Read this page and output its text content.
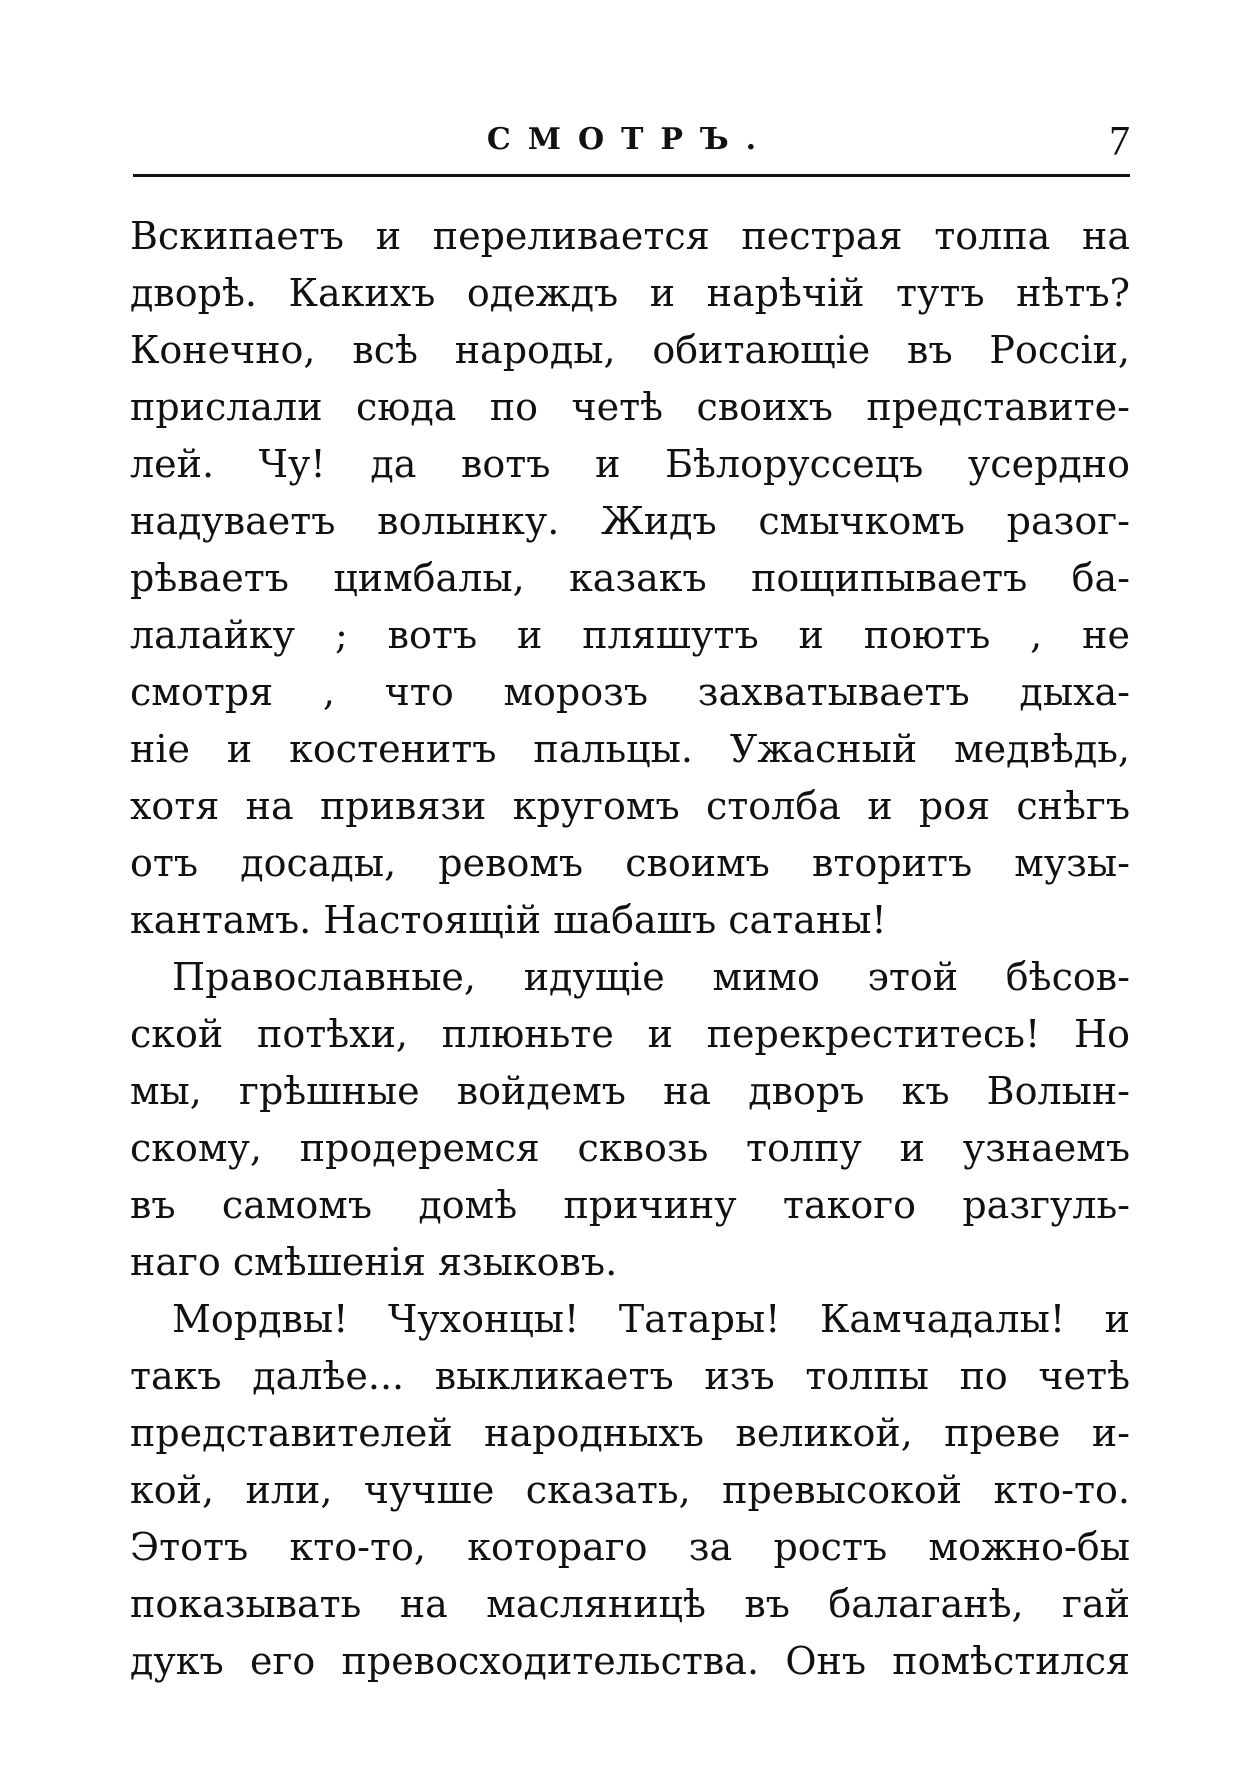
СМОТРЪ.	7
Вскипаетъ и переливается пестрая толпа на
дворѣ. Какихъ одеждъ и нарѣчій тутъ нѣтъ?
Конечно, всѣ народы, обитающіе въ Россіи,
прислали сюда по четѣ своихъ представите-
лей. Чу! да вотъ и Бѣлоруссецъ усердно
надуваетъ волынку. Жидъ смычкомъ разог-
рѣваетъ цимбалы, казакъ пощипываетъ ба-
лалайку ; вотъ и пляшутъ и поютъ , не
смотря , что морозъ захватываетъ дыха-
ніе и костенитъ пальцы. Ужасный медвѣдь,
хотя на привязи кругомъ столба и роя снѣгъ
отъ досады, ревомъ своимъ вторитъ музы-
кантамъ. Настоящій шабашъ сатаны!
Православные, идущіе мимо этой бѣсов-
ской потѣхи, плюньте и перекреститесь! Но
мы, грѣшные войдемъ на дворъ къ Волын-
скому, продеремся сквозь толпу и узнаемъ
въ самомъ домѣ причину такого разгуль-
наго смѣшенія языковъ.
Мордвы! Чухонцы! Татары! Камчадалы! и
такъ далѣе... выкликаетъ изъ толпы по четѣ
представителей народныхъ великой, преве и-
кой, или, чучше сказать, превысокой кто-то.
Этотъ кто-то, котораго за ростъ можно-бы
показывать на масляницѣ въ балаганѣ, гай
дукъ его превосходительства. Онъ помѣстился
